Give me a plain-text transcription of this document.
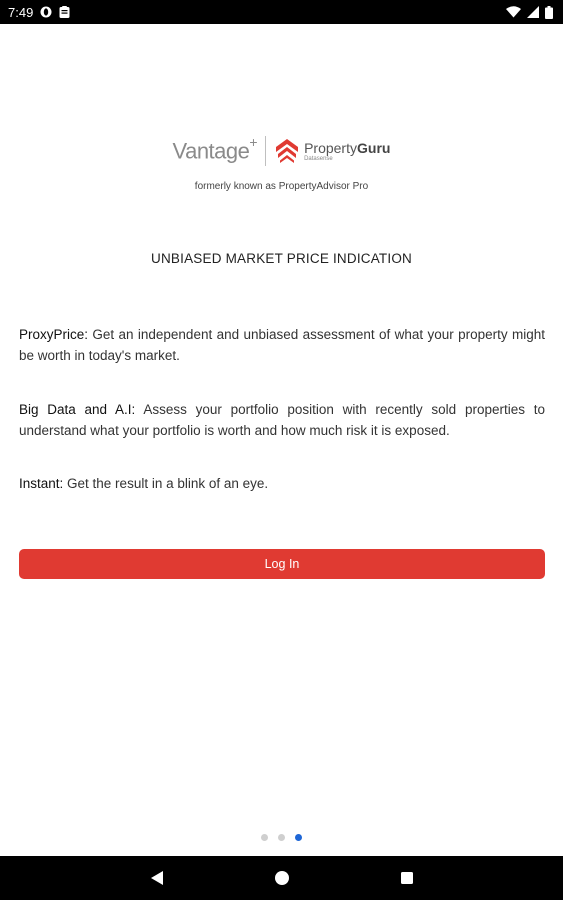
7:49
Vantage+	PropertyGuru
Datasense
formerly known as PropertyAdvisor Pro
UNBIASED MARKET PRICE INDICATION

ProxyPrice: Get an independent and unbiased assessment of what your property might be worth in today's market.

Big Data and A.I: Assess your portfolio position with recently sold properties to understand what your portfolio is worth and how much risk it is exposed.

Instant: Get the result in a blink of an eye.

Log In
